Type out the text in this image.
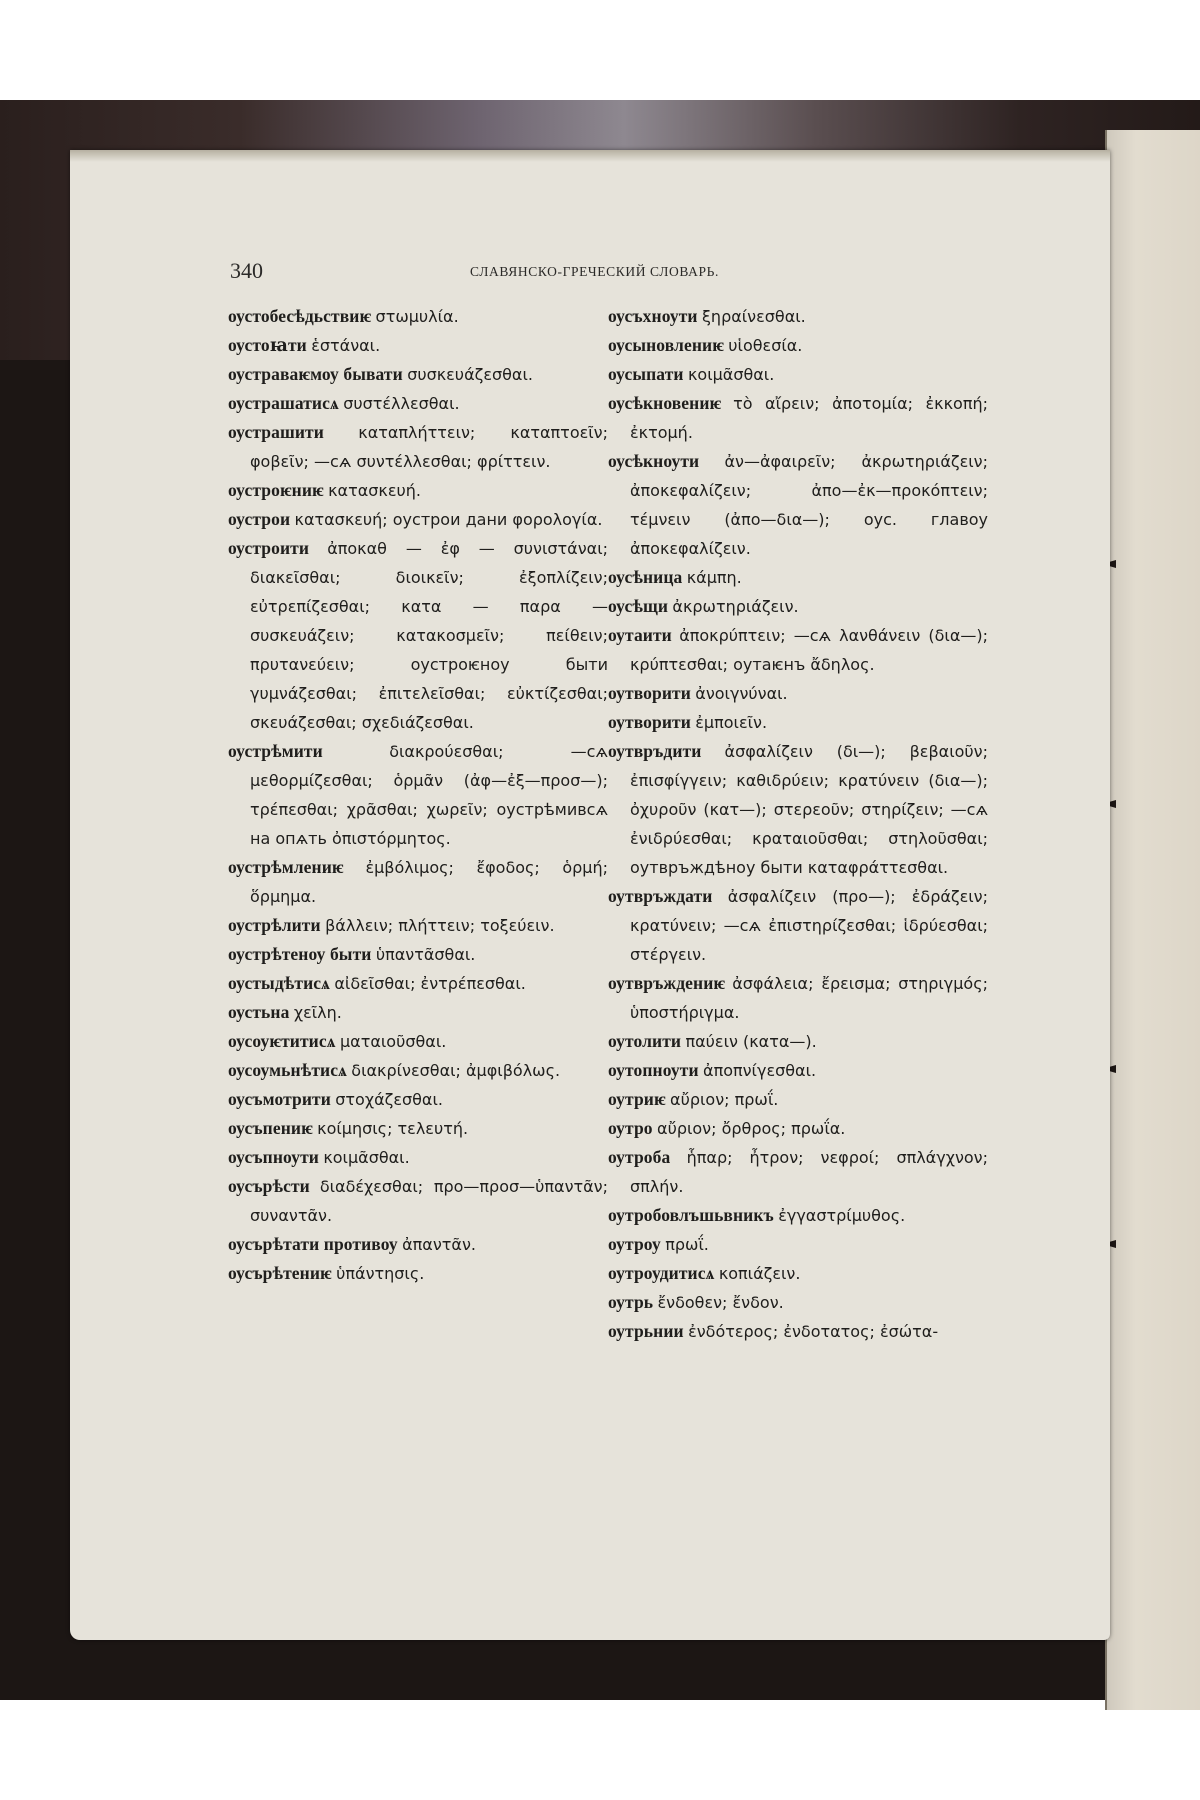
340	СЛАВЯНСКО-ГРЕЧЕСКИЙ СЛОВАРЬ.

оустобесѣдьствиѥ στωμυλία.

оустоꙗти ἑστάναι.

оустраваѥмоу бывати συσκευάζεσθαι.

оустрашатисѧ συστέλλεσθαι.

оустрашити καταπλήττειν; καταπτοεῖν; φοβεῖν; —сѧ συντέλλεσθαι; φρίττειν.

оустроѥниѥ κατασκευή.

оустрои κατασκευή; оустрои дани φορολογία.

оустроити ἀποκαθ — ἐφ — συνιστάναι; διακεῖσθαι; διοικεῖν; ἐξοπλίζειν; εὐτρεπίζεσθαι; κατα — παρα — συσκευάζειν; κατακοσμεῖν; πείθειν; πρυτανεύειν; оустроѥноу быти γυμνάζεσθαι; ἐπιτελεῖσθαι; εὐκτίζεσθαι; σκευάζεσθαι; σχεδιάζεσθαι.

оустрѣмити	διακρούεσθαι; —сѧ μεθορμίζεσθαι; ὁρμᾶν (ἀφ—ἐξ—προσ—); τρέπεσθαι; χρᾶσθαι; χωρεῖν; оустрѣмивсѧ на опѧть ὀπιστόρμητος.

оустрѣмлениѥ ἐμβόλιμος; ἔφοδος; ὁρμή; ὅρμημα.

оустрѣлити βάλλειν; πλήττειν; τοξεύειν.

оустрѣтеноу быти ὑπαντᾶσθαι.

оустыдѣтисѧ αἰδεῖσθαι; ἐντρέπεσθαι.

оустьна χεῖλη.

оусоуѥтитисѧ ματαιοῦσθαι.

оусоумьнѣтисѧ διακρίνεσθαι; ἀμφιβόλως.

оусъмотрити στοχάζεσθαι.

оусъпениѥ κοίμησις; τελευτή.

оусъпноути κοιμᾶσθαι.

оусърѣсти διαδέχεσθαι; προ—προσ—ὑπαντᾶν; συναντᾶν.

оусърѣтати противоу ἀπαντᾶν.

оусърѣтениѥ ὑπάντησις.

оусъхноути ξηραίνεσθαι.

оусыновлениѥ υἱοθεσία.

оусыпати κοιμᾶσθαι.

оусѣкновениѥ τὸ αἴρειν; ἀποτομία; ἐκκοπή; ἐκτομή.

оусѣкноути ἀν—ἀφαιρεῖν; ἀκρωτηριάζειν; ἀποκεφαλίζειν; ἀπο—ἐκ—προκόπτειν; τέμνειν (ἀπο—δια—); оус. главоу ἀποκεφαλίζειν.

оусѣница κάμπη.

оусѣщи ἀκρωτηριάζειν.

оутаити ἀποκρύπτειν; —сѧ λανθάνειν (δια—); κρύπτεσθαι; оутаѥнъ ἄδηλος.

оутворити ἀνοιγνύναι.

оутворити ἐμποιεῖν.

оутвръдити ἀσφαλίζειν (δι—); βεβαιοῦν; ἐπισφίγγειν; καθιδρύειν; κρατύνειν (δια—); ὀχυροῦν (κατ—); στερεοῦν; στηρίζειν; —сѧ ἐνιδρύεσθαι; κραταιοῦσθαι; στηλοῦσθαι; оутвръждѣноу быти καταφράττεσθαι.

оутвръждати ἀσφαλίζειν (προ—); ἐδράζειν; κρατύνειν; —сѧ ἐπιστηρίζεσθαι; ἱδρύεσθαι; στέργειν.

оутвръждениѥ ἀσφάλεια; ἔρεισμα; στηριγμός; ὑποστήριγμα.

оутолити παύειν (κατα—).

оутопноути ἀποπνίγεσθαι.

оутриѥ αὔριον; πρωΐ.

оутро αὔριον; ὄρθρος; πρωΐα.

оутроба ἧπαρ; ἦτρον; νεφροί; σπλάγχνον; σπλήν.

оутробовлъшьвникъ ἐγγαστρίμυθος.

оутроу πρωΐ.

оутроудитисѧ κοπιάζειν.

оутрь ἔνδοθεν; ἔνδον.

оутрьнии ἐνδότερος; ἐνδοτατος; ἐσώτα-
